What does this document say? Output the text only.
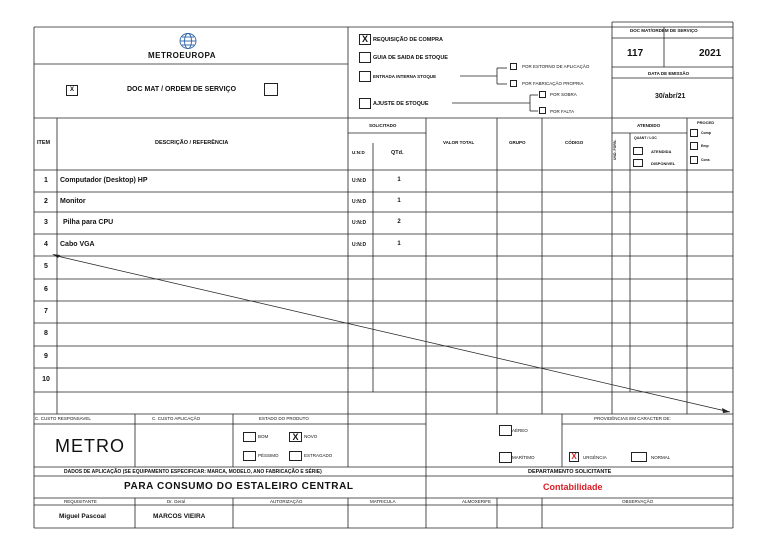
METROEUROPA
X	DOC MAT / ORDEM DE SERVIÇO
X REQUISIÇÃO DE COMPRA
GUIA DE SAIDA DE STOQUE
ENTRADA INTERNA STOQUE
AJUSTE DE STOQUE
POR ESTORNO DE APLICAÇÃO
POR FABRICAÇÃO PROPRIA
POR SOBRA
POR FALTA
DOC MAT/ORDEM DE SERVIÇO
117	2021
DATA DE EMISSÃO
30/abr/21
ITEM	DESCRIÇÃO / REFERÊNCIA
SOLICITADO
U:N:D	QTd.
VALOR TOTAL	GRUPO	CÓDIGO
ATENDIDO
UND. FORN.
QUANT / LOC
ATENDIDA
DISPONIVEL
PROCED
Comp
Emp
Cons
1	Computador (Desktop) HP	U:N:D	1
2	Monitor	U:N:D	1
3	Pilha para CPU	U:N:D	2
4	Cabo VGA	U:N:D	1
5
6
7
8
9
10
C. CUSTO RESPONSAVEL	C. CUSTO APLICAÇÃO	ESTADO DO PRODUTO
METRO	BOM	X	NOVO
PÉSSIMO	ESTRAGADO
AÉREO
MARÍTIMO
PROVIDÊNCIAS EM CARACTER DE:
X	URGÊNCIA	NORMAL
DADOS DE APLICAÇÃO (SE EQUIPAMENTO ESPECIFICAR: MARCA, MODELO, ANO FABRICAÇÃO E SÉRIE)	DEPARTAMENTO SOLICITANTE
PARA CONSUMO DO ESTALEIRO CENTRAL	Contabilidade
REQUISITANTE	Dr. Geral	AUTORIZAÇÃO	MATRICULA	ALMOXERIFE	OBSERVAÇÃO
Miguel Pascoal	MARCOS VIEIRA
